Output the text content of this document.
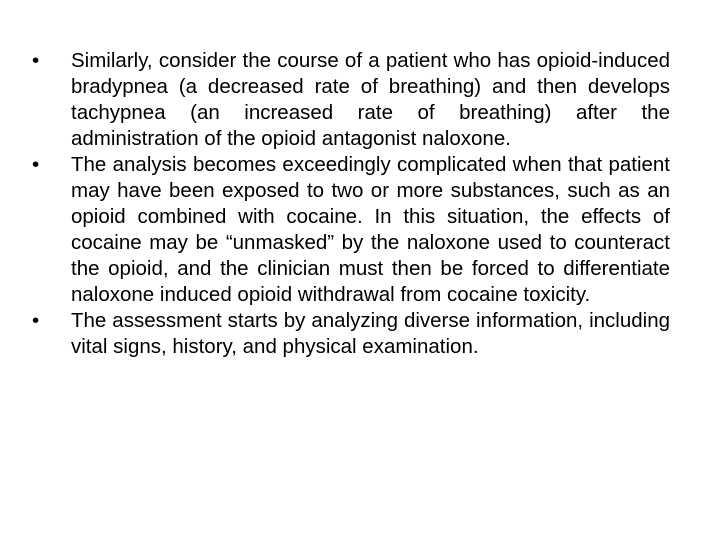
•	Similarly, consider the course of a patient who has opioid-induced bradypnea (a decreased rate of breathing) and then develops tachypnea (an increased rate of breathing) after the administration of the opioid antagonist naloxone.
•	The analysis becomes exceedingly complicated when that patient may have been exposed to two or more substances, such as an opioid combined with cocaine. In this situation, the effects of cocaine may be “unmasked” by the naloxone used to counteract the opioid, and the clinician must then be forced to differentiate naloxone induced opioid withdrawal from cocaine toxicity.
•	The assessment starts by analyzing diverse information, including vital signs, history, and physical examination.
